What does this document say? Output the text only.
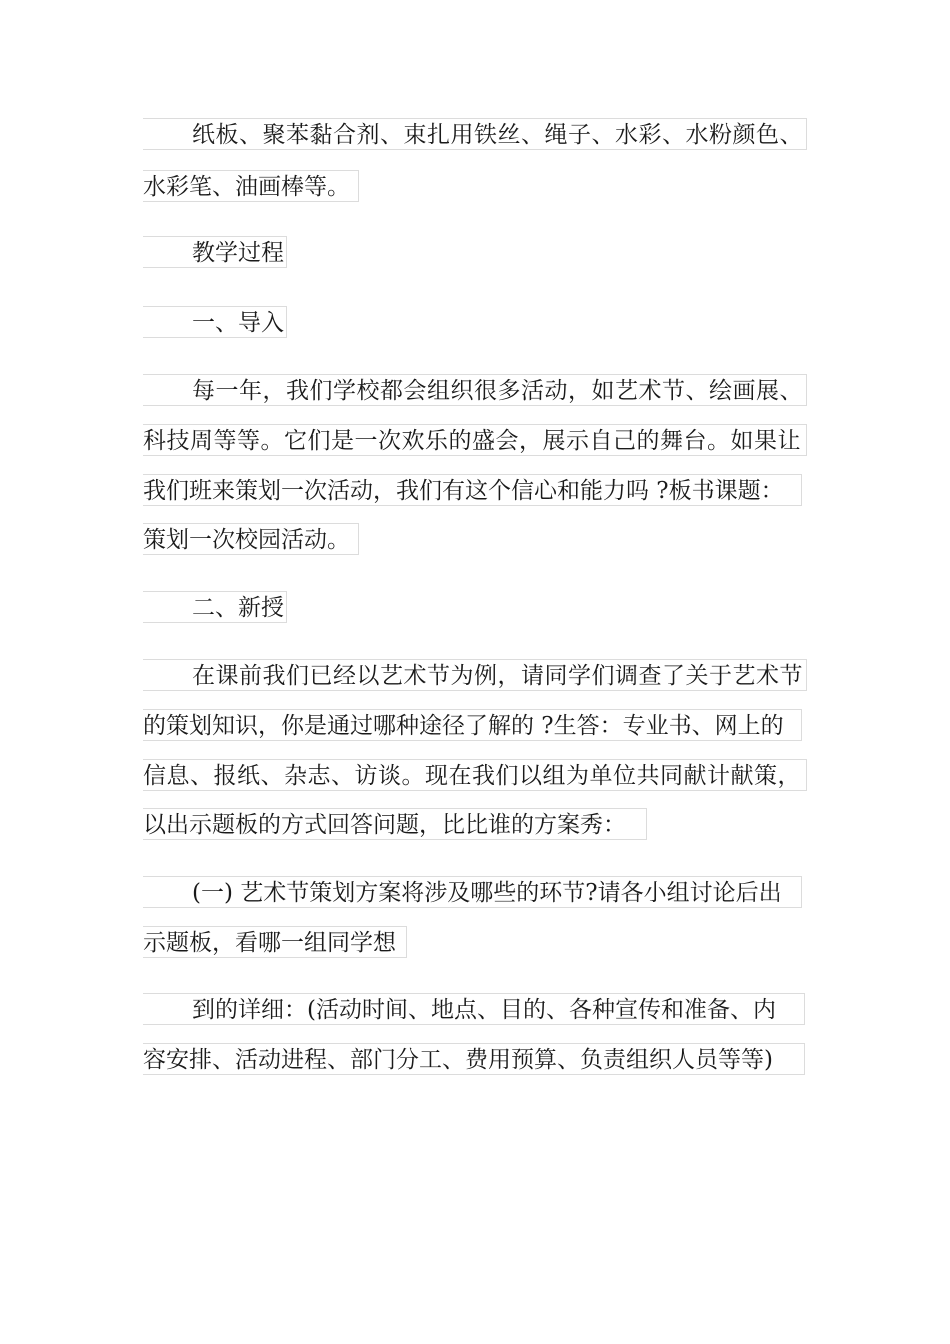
纸板、聚苯黏合剂、束扎用铁丝、绳子、水彩、水粉颜色、
水彩笔、油画棒等。
教学过程
一、导入
每一年，我们学校都会组织很多活动，如艺术节、绘画展、
科技周等等。它们是一次欢乐的盛会，展示自己的舞台。如果让
我们班来策划一次活动，我们有这个信心和能力吗 ?板书课题：
策划一次校园活动。
二、新授
在课前我们已经以艺术节为例，请同学们调查了关于艺术节
的策划知识，你是通过哪种途径了解的 ?生答：专业书、网上的
信息、报纸、杂志、访谈。现在我们以组为单位共同献计献策，
以出示题板的方式回答问题，比比谁的方案秀：
(一) 艺术节策划方案将涉及哪些的环节?请各小组讨论后出
示题板，看哪一组同学想
到的详细：(活动时间、地点、目的、各种宣传和准备、内
容安排、活动进程、部门分工、费用预算、负责组织人员等等)
